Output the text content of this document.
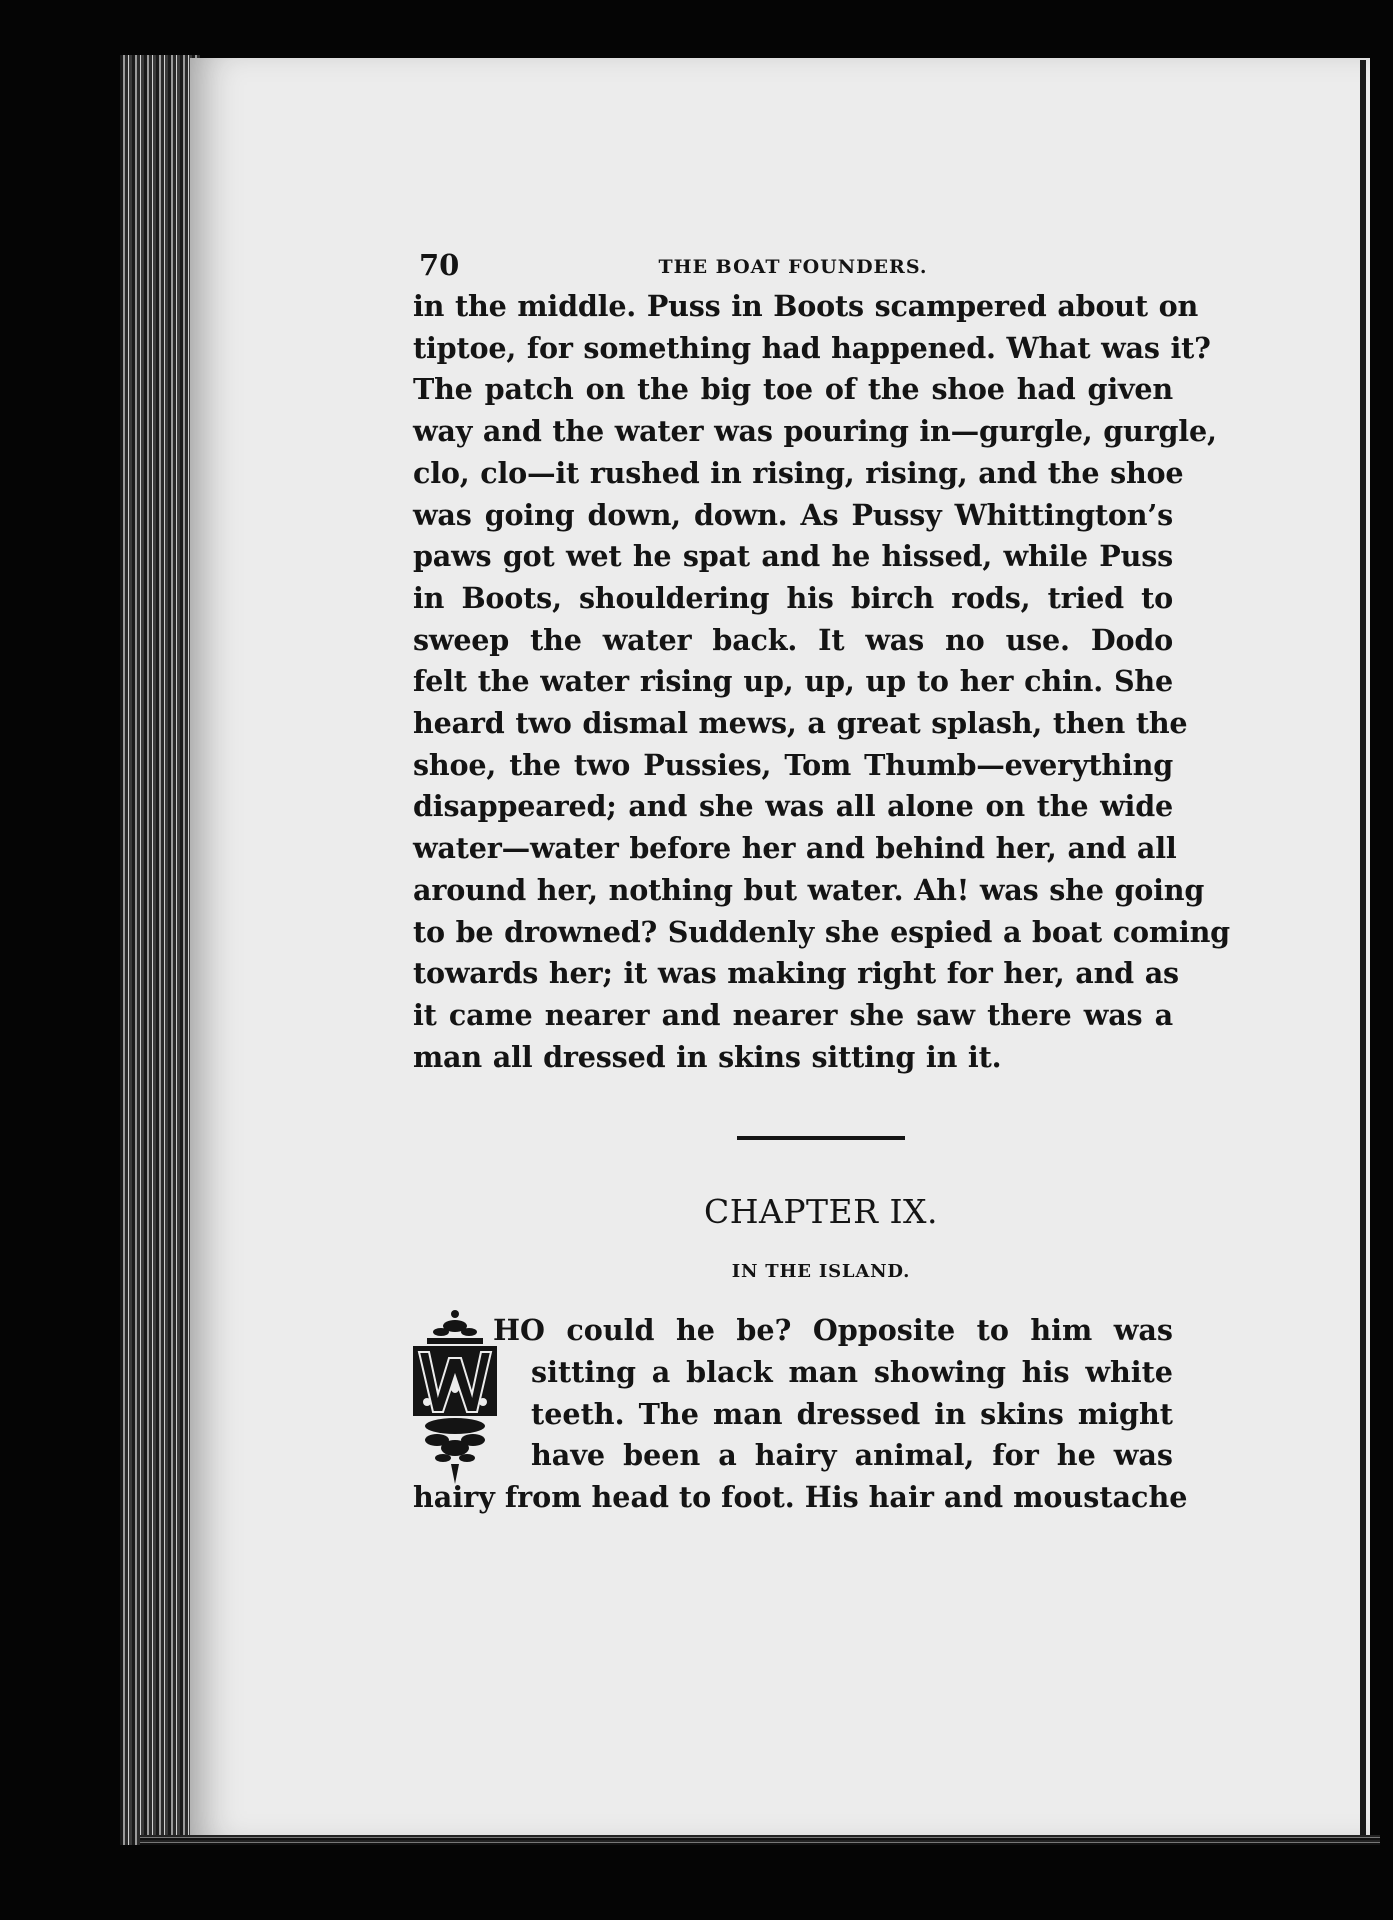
70	THE BOAT FOUNDERS.
in the middle. Puss in Boots scampered about on
tiptoe, for something had happened. What was it?
The patch on the big toe of the shoe had given
way and the water was pouring in—gurgle, gurgle,
clo, clo—it rushed in rising, rising, and the shoe
was going down, down. As Pussy Whittington’s
paws got wet he spat and he hissed, while Puss
in Boots, shouldering his birch rods, tried to
sweep the water back. It was no use. Dodo
felt the water rising up, up, up to her chin. She
heard two dismal mews, a great splash, then the
shoe, the two Pussies, Tom Thumb—everything
disappeared; and she was all alone on the wide
water—water before her and behind her, and all
around her, nothing but water. Ah! was she going
to be drowned? Suddenly she espied a boat coming
towards her; it was making right for her, and as
it came nearer and nearer she saw there was a
man all dressed in skins sitting in it.
CHAPTER IX.
IN THE ISLAND.
HO could he be? Opposite to him was
sitting a black man showing his white
teeth. The man dressed in skins might
have been a hairy animal, for he was
hairy from head to foot. His hair and moustache
